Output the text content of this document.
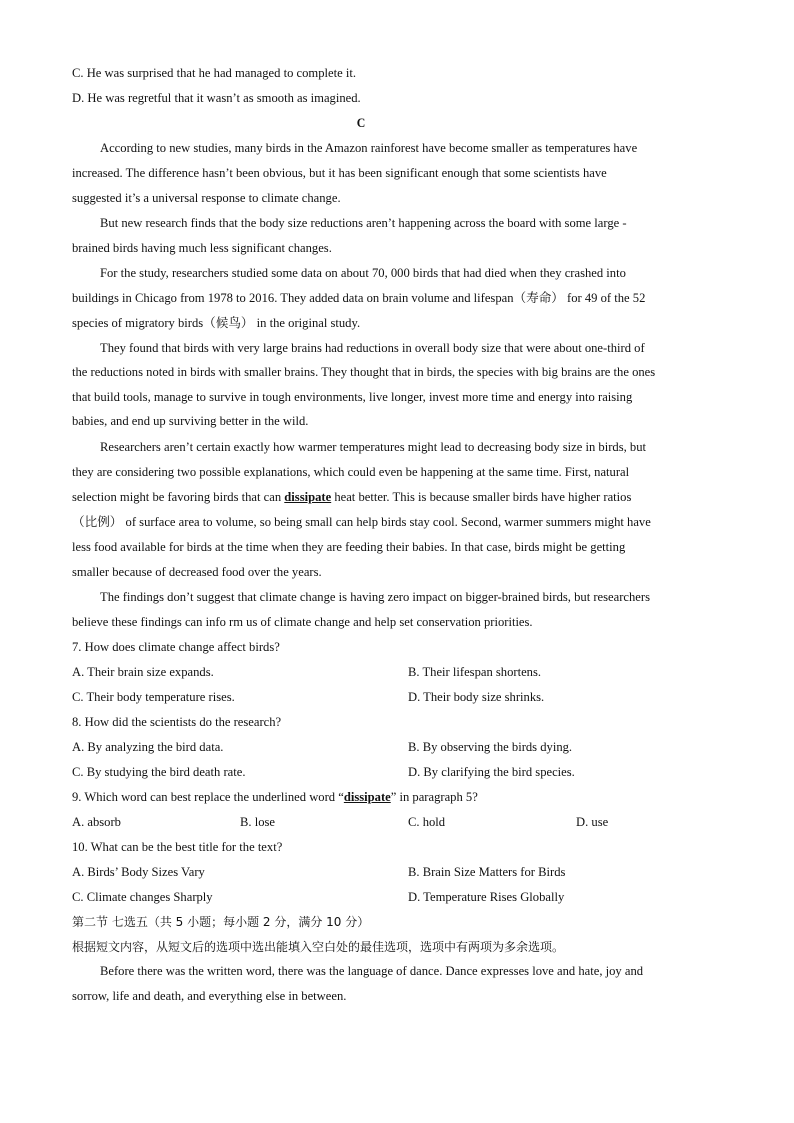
C. He was surprised that he had managed to complete it.
D. He was regretful that it wasn’t as smooth as imagined.
C
According to new studies, many birds in the Amazon rainforest have become smaller as temperatures have
increased. The difference hasn’t been obvious, but it has been significant enough that some scientists have
suggested it’s a universal response to climate change.
But new research finds that the body size reductions aren’t happening across the board with some large -
brained birds having much less significant changes.
For the study, researchers studied some data on about 70, 000 birds that had died when they crashed into
buildings in Chicago from 1978 to 2016. They added data on brain volume and lifespan（寿命） for 49 of the 52
species of migratory birds（候鸟） in the original study.
They found that birds with very large brains had reductions in overall body size that were about one-third of
the reductions noted in birds with smaller brains. They thought that in birds, the species with big brains are the ones
that build tools, manage to survive in tough environments, live longer, invest more time and energy into raising
babies, and end up surviving better in the wild.
Researchers aren’t certain exactly how warmer temperatures might lead to decreasing body size in birds, but
they are considering two possible explanations, which could even be happening at the same time. First, natural
selection might be favoring birds that can dissipate heat better. This is because smaller birds have higher ratios
（比例） of surface area to volume, so being small can help birds stay cool. Second, warmer summers might have
less food available for birds at the time when they are feeding their babies. In that case, birds might be getting
smaller because of decreased food over the years.
The findings don’t suggest that climate change is having zero impact on bigger-brained birds, but researchers
believe these findings can info rm us of climate change and help set conservation priorities.
7. How does climate change affect birds?
A. Their brain size expands.	B. Their lifespan shortens.
C. Their body temperature rises.	D. Their body size shrinks.
8. How did the scientists do the research?
A. By analyzing the bird data.	B. By observing the birds dying.
C. By studying the bird death rate.	D. By clarifying the bird species.
9. Which word can best replace the underlined word “dissipate” in paragraph 5?
A. absorb	B. lose	C. hold	D. use
10. What can be the best title for the text?
A. Birds’ Body Sizes Vary	B. Brain Size Matters for Birds
C. Climate changes Sharply	D. Temperature Rises Globally
第二节 七选五（共 5 小题；每小题 2 分，满分 10 分）
根据短文内容，从短文后的选项中选出能填入空白处的最佳选项，选项中有两项为多余选项。
Before there was the written word, there was the language of dance. Dance expresses love and hate, joy and
sorrow, life and death, and everything else in between.
